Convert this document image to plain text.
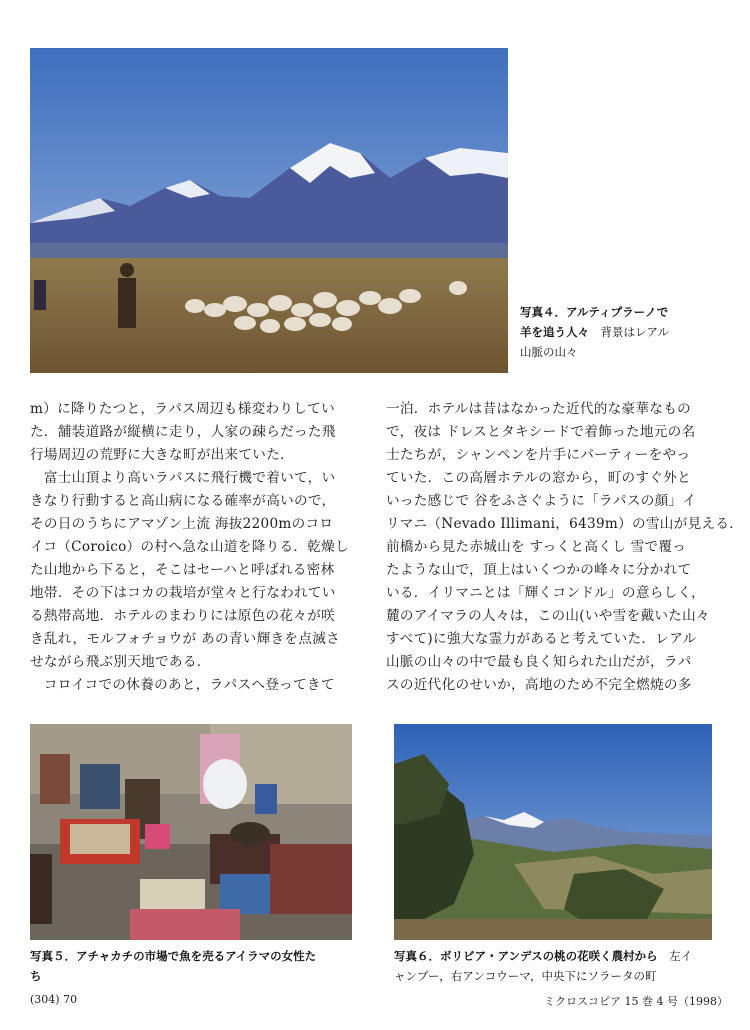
写真４．アルティプラーノで
羊を追う人々　 背景はレアル
山脈の山々

m）に降りたつと，ラパス周辺も様変わりしてい

た．舗装道路が縦横に走り，人家の疎らだった飛

行場周辺の荒野に大きな町が出来ていた．

　富士山頂より高いラパスに飛行機で着いて，い

きなり行動すると高山病になる確率が高いので，

その日のうちにアマゾン上流 海抜2200mのコロ

イコ（Coroico）の村へ急な山道を降りる．乾燥し

た山地から下ると，そこはセーハと呼ばれる密林

地帯．その下はコカの栽培が堂々と行なわれてい

る熱帯高地．ホテルのまわりには原色の花々が咲

き乱れ，モルフォチョウが あの青い輝きを点滅さ

せながら飛ぶ別天地である．

　コロイコでの休養のあと，ラパスへ登ってきて

一泊．ホテルは昔はなかった近代的な豪華なもの

で，夜は ドレスとタキシードで着飾った地元の名

士たちが，シャンペンを片手にパーティーをやっ

ていた．この高層ホテルの窓から，町のすぐ外と

いった感じで 谷をふさぐように「ラパスの顔」イ

リマニ（Nevado Illimani，6439m）の雪山が見える．

前橋から見た赤城山を すっくと高くし 雪で覆っ

たような山で，頂上はいくつかの峰々に分かれて

いる．イリマニとは「輝くコンドル」の意らしく，

麓のアイマラの人々は，この山(いや雪を戴いた山々

すべて)に強大な霊力があると考えていた．レアル

山脈の山々の中で最も良く知られた山だが，ラパ

スの近代化のせいか，高地のため不完全燃焼の多

写真５．アチャカチの市場で魚を売るアイラマの女性た
ち
写真６．ボリビア・アンデスの桃の花咲く農村から　 左イ
ャンプー，右アンコウーマ，中央下にソラータの町
(304) 70	ミクロスコピア 15 巻 4 号（1998）
